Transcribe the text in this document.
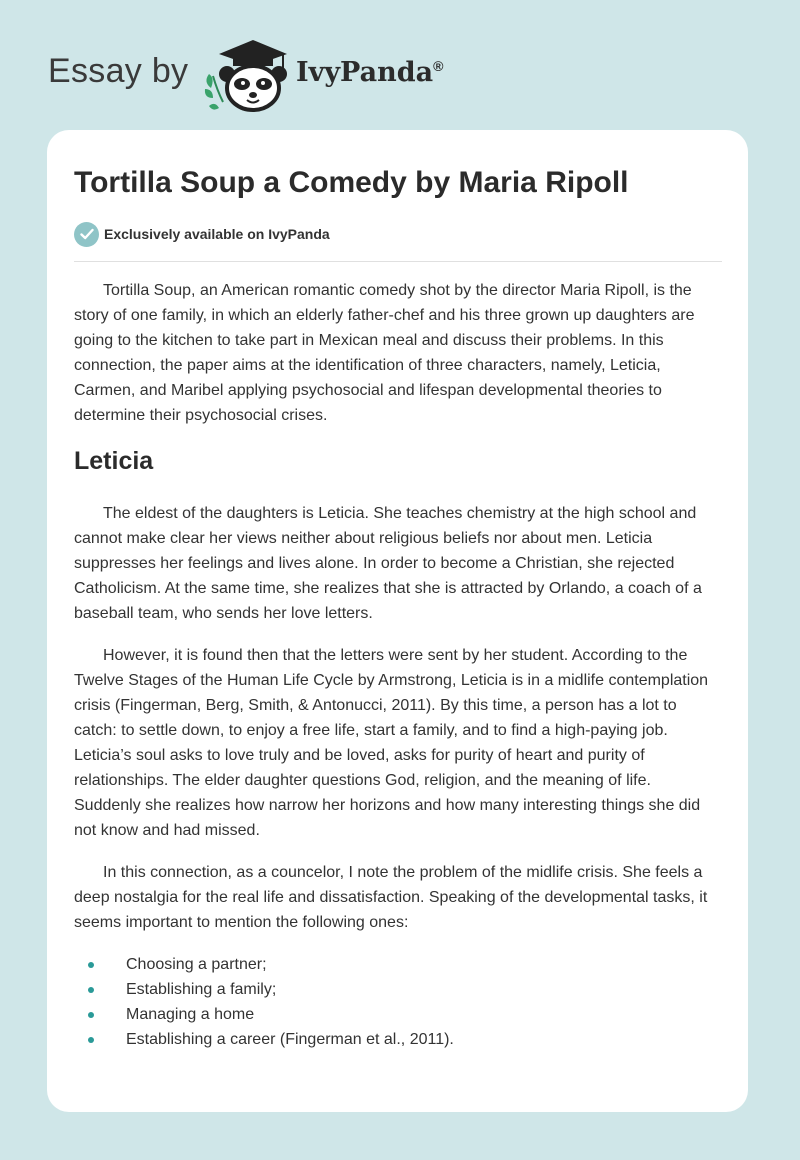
Essay by	IvyPanda®
Tortilla Soup a Comedy by Maria Ripoll
Exclusively available on IvyPanda

Tortilla Soup, an American romantic comedy shot by the director Maria Ripoll, is the story of one family, in which an elderly father-chef and his three grown up daughters are going to the kitchen to take part in Mexican meal and discuss their problems. In this connection, the paper aims at the identification of three characters, namely, Leticia, Carmen, and Maribel applying psychosocial and lifespan developmental theories to determine their psychosocial crises.

Leticia

The eldest of the daughters is Leticia. She teaches chemistry at the high school and cannot make clear her views neither about religious beliefs nor about men. Leticia suppresses her feelings and lives alone. In order to become a Christian, she rejected Catholicism. At the same time, she realizes that she is attracted by Orlando, a coach of a baseball team, who sends her love letters.

However, it is found then that the letters were sent by her student. According to the Twelve Stages of the Human Life Cycle by Armstrong, Leticia is in a midlife contemplation crisis (Fingerman, Berg, Smith, & Antonucci, 2011). By this time, a person has a lot to catch: to settle down, to enjoy a free life, start a family, and to find a high-paying job. Leticia’s soul asks to love truly and be loved, asks for purity of heart and purity of relationships. The elder daughter questions God, religion, and the meaning of life. Suddenly she realizes how narrow her horizons and how many interesting things she did not know and had missed.

In this connection, as a councelor, I note the problem of the midlife crisis. She feels a deep nostalgia for the real life and dissatisfaction. Speaking of the developmental tasks, it seems important to mention the following ones:

Choosing a partner;
Establishing a family;
Managing a home
Establishing a career (Fingerman et al., 2011).
